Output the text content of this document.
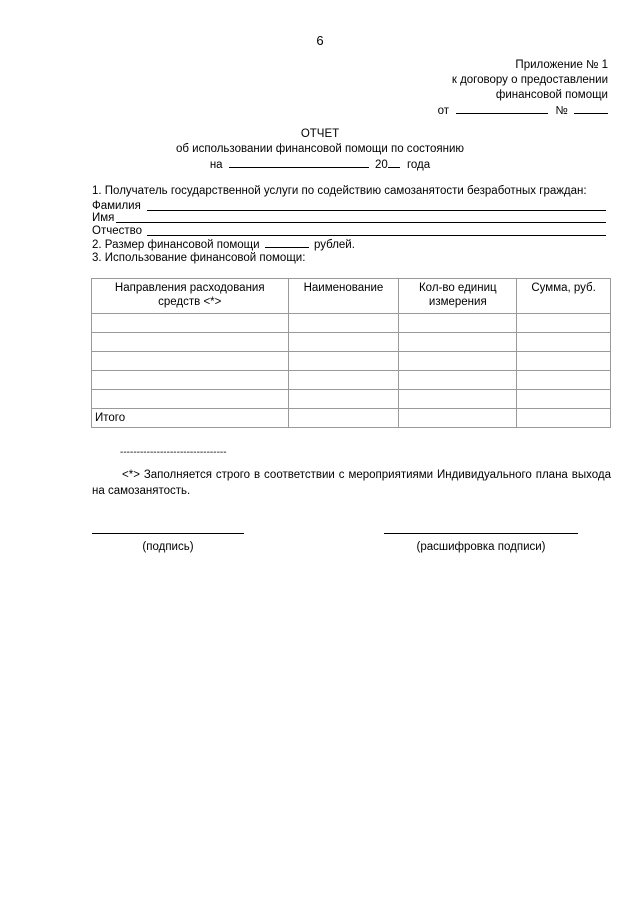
6
Приложение № 1
к договору о предоставлении
финансовой помощи
от	№
ОТЧЕТ
об использовании финансовой помощи по состоянию
на	20 года
1. Получатель государственной услуги по содействию самозанятости безработных граждан:
Фамилия
Имя
Отчество
2. Размер финансовой помощи	рублей.
3. Использование финансовой помощи:
Направления расходования средств <*>	Наименование	Кол-во единиц измерения	Сумма, руб.

Итого			
--------------------------------
<*> Заполняется строго в соответствии с мероприятиями Индивидуального плана выхода на самозанятость.
(подпись)	(расшифровка подписи)
